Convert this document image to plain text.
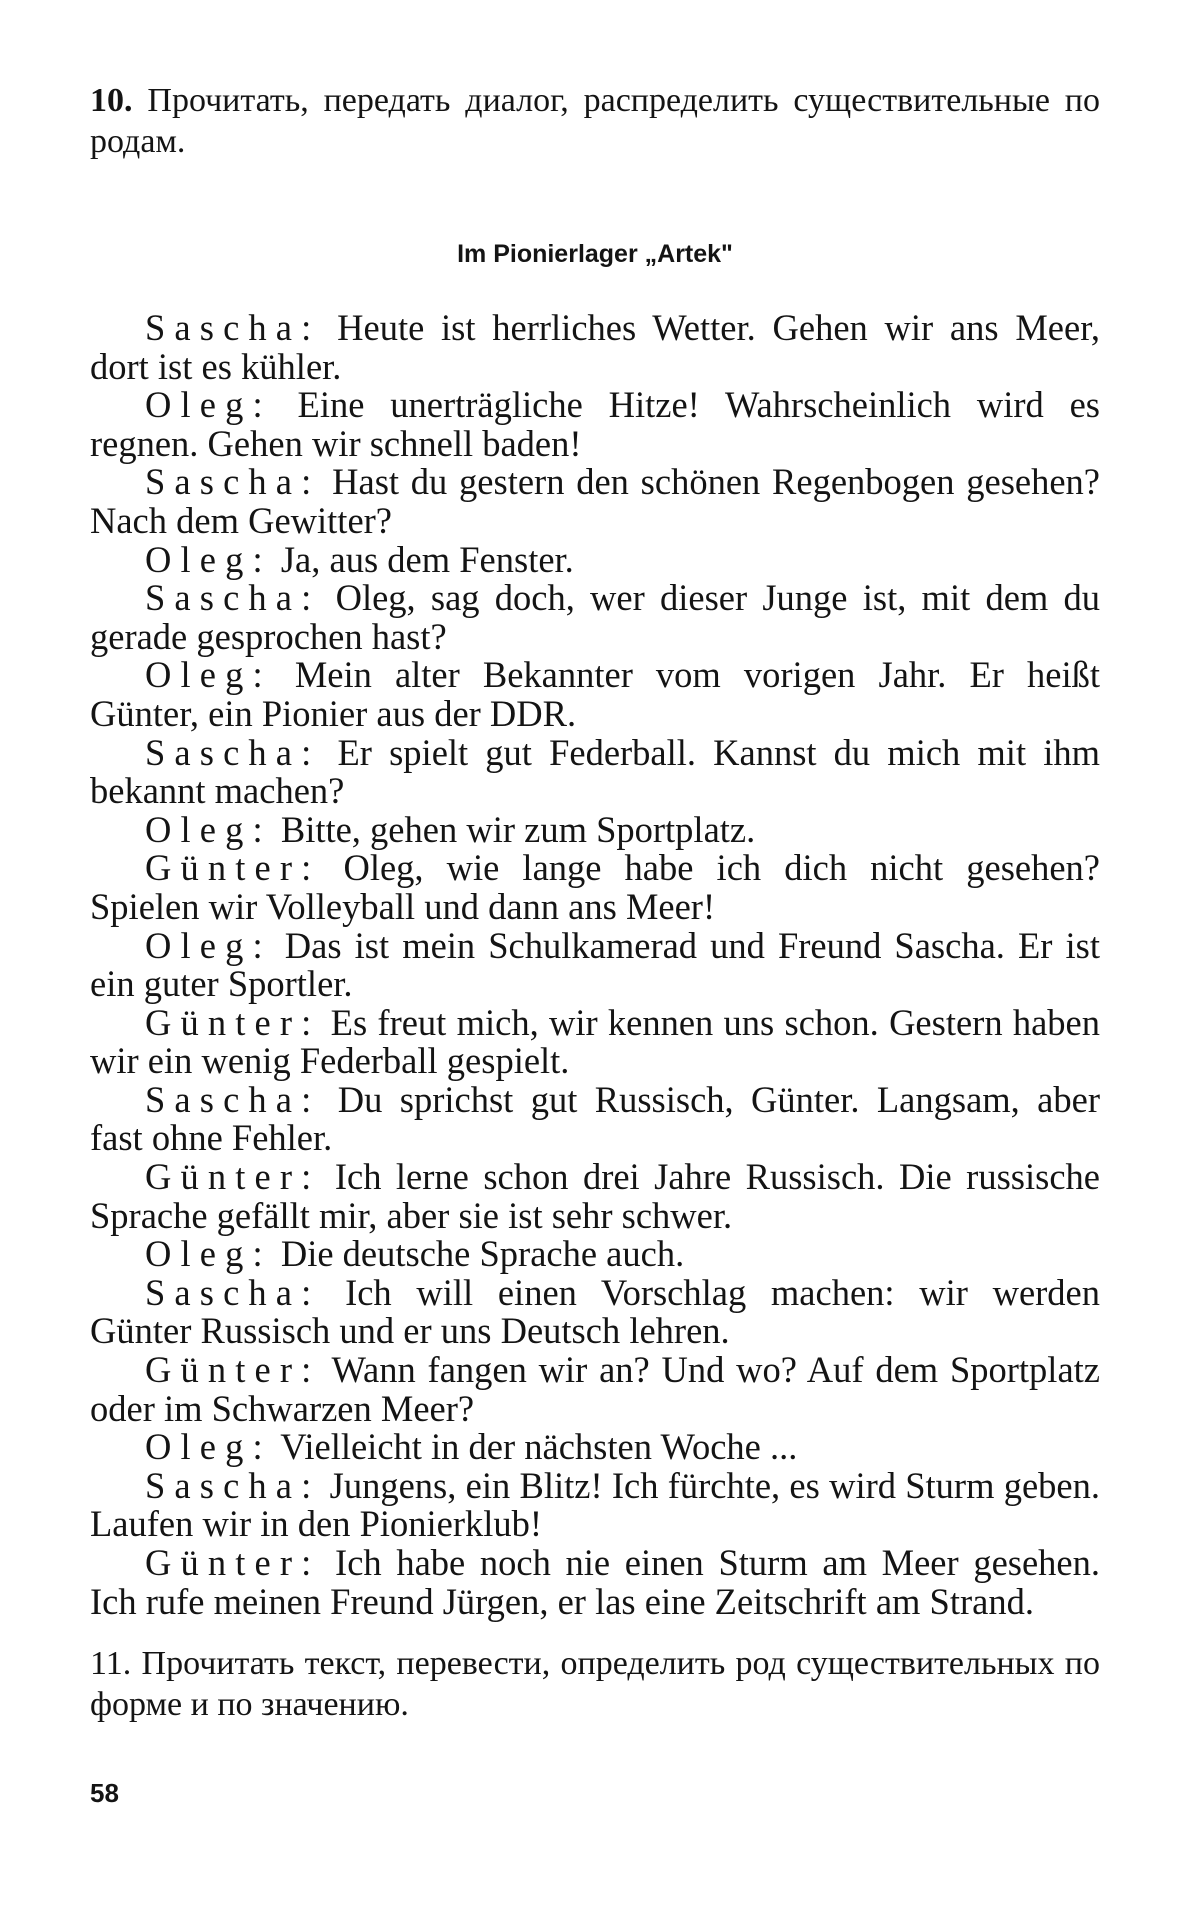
10. Прочитать, передать диалог, распределить существительные по родам.

Im Pionierlager „Artek"

Sascha: Heute ist herrliches Wetter. Gehen wir ans Meer, dort ist es kühler.

Oleg: Eine unerträgliche Hitze! Wahrscheinlich wird es regnen. Gehen wir schnell baden!

Sascha: Hast du gestern den schönen Regenbogen gesehen? Nach dem Gewitter?

Oleg: Ja, aus dem Fenster.

Sascha: Oleg, sag doch, wer dieser Junge ist, mit dem du gerade gesprochen hast?

Oleg: Mein alter Bekannter vom vorigen Jahr. Er heißt Günter, ein Pionier aus der DDR.

Sascha: Er spielt gut Federball. Kannst du mich mit ihm bekannt machen?

Oleg: Bitte, gehen wir zum Sportplatz.

Günter: Oleg, wie lange habe ich dich nicht gesehen? Spielen wir Volleyball und dann ans Meer!

Oleg: Das ist mein Schulkamerad und Freund Sascha. Er ist ein guter Sportler.

Günter: Es freut mich, wir kennen uns schon. Gestern haben wir ein wenig Federball gespielt.

Sascha: Du sprichst gut Russisch, Günter. Langsam, aber fast ohne Fehler.

Günter: Ich lerne schon drei Jahre Russisch. Die russische Sprache gefällt mir, aber sie ist sehr schwer.

Oleg: Die deutsche Sprache auch.

Sascha: Ich will einen Vorschlag machen: wir werden Günter Russisch und er uns Deutsch lehren.

Günter: Wann fangen wir an? Und wo? Auf dem Sportplatz oder im Schwarzen Meer?

Oleg: Vielleicht in der nächsten Woche ...

Sascha: Jungens, ein Blitz! Ich fürchte, es wird Sturm geben. Laufen wir in den Pionierklub!

Günter: Ich habe noch nie einen Sturm am Meer gesehen. Ich rufe meinen Freund Jürgen, er las eine Zeitschrift am Strand.

11. Прочитать текст, перевести, определить род существительных по форме и по значению.

58
